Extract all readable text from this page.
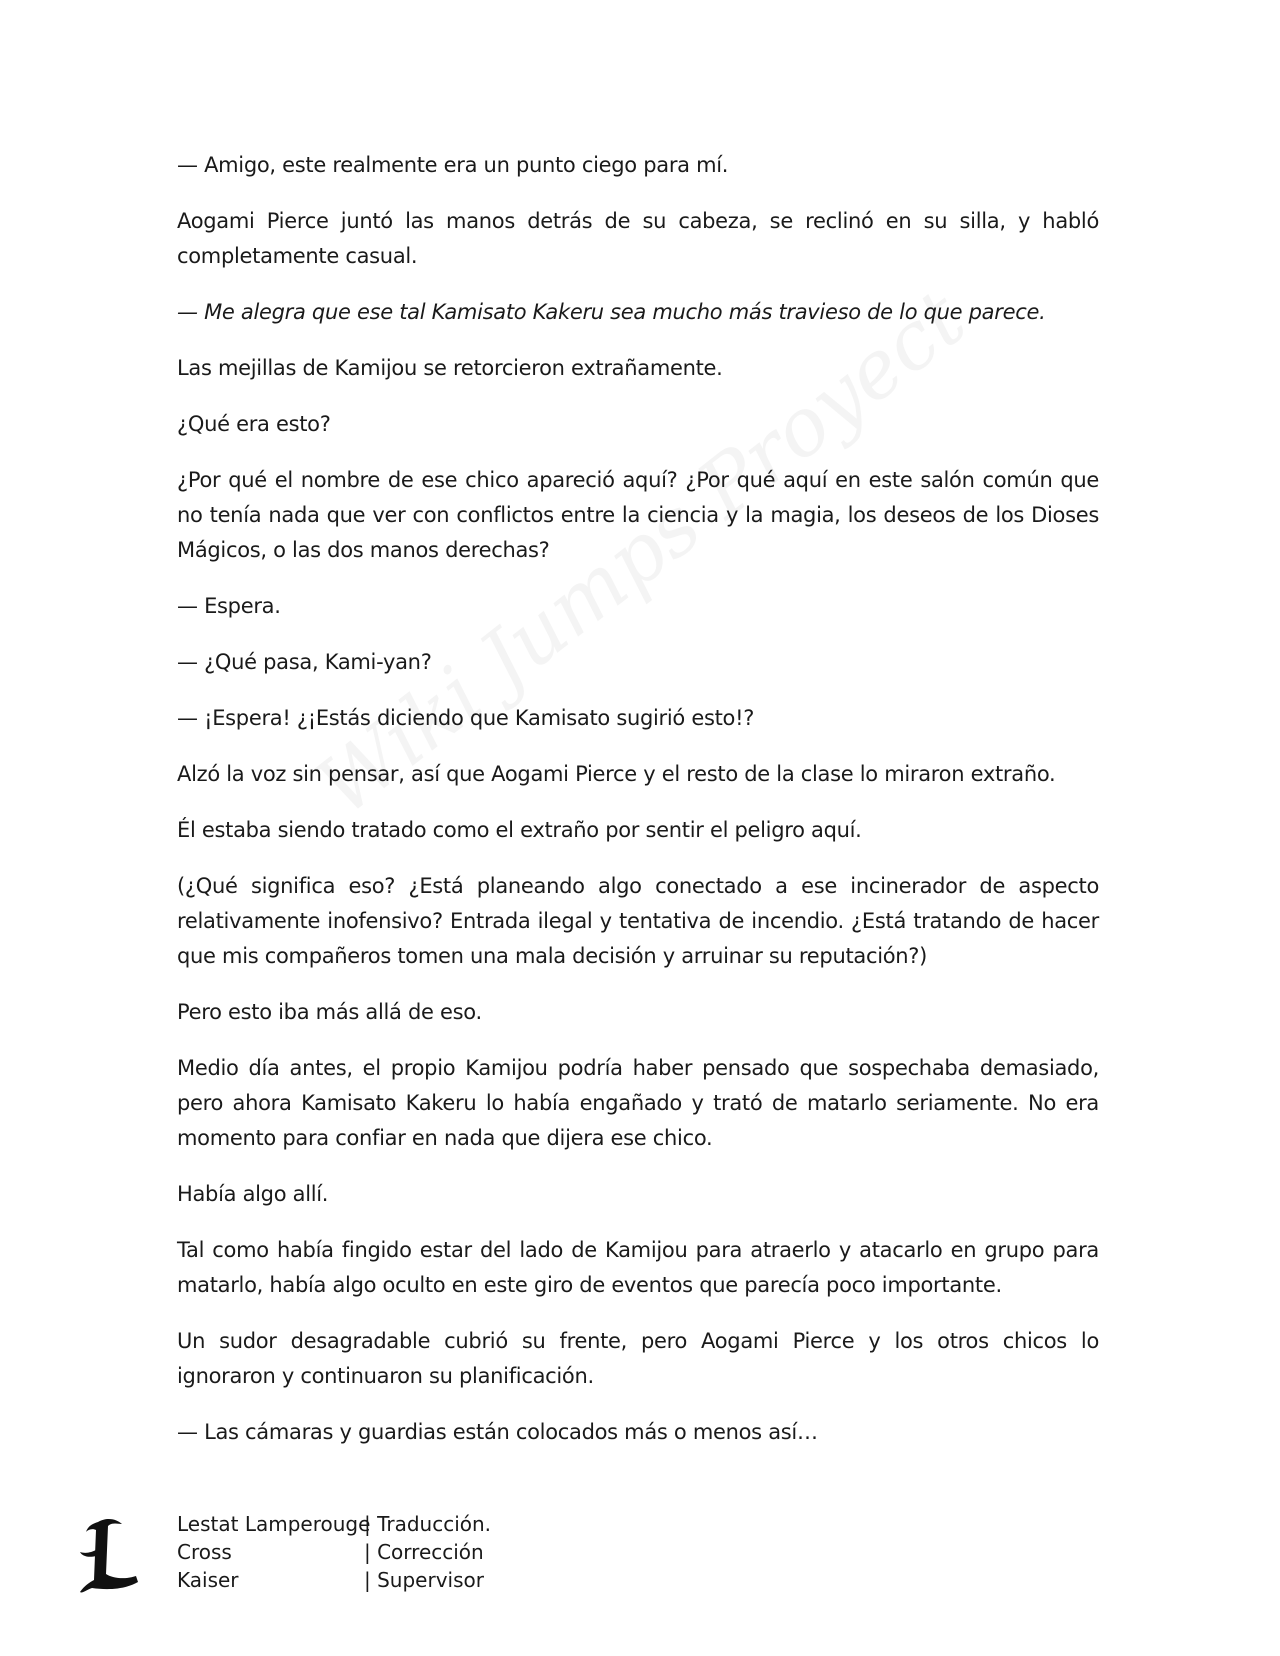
— Amigo, este realmente era un punto ciego para mí.

Aogami Pierce juntó las manos detrás de su cabeza, se reclinó en su silla, y habló completamente casual.

— Me alegra que ese tal Kamisato Kakeru sea mucho más travieso de lo que parece.

Las mejillas de Kamijou se retorcieron extrañamente.

¿Qué era esto?

¿Por qué el nombre de ese chico apareció aquí? ¿Por qué aquí en este salón común que no tenía nada que ver con conflictos entre la ciencia y la magia, los deseos de los Dioses Mágicos, o las dos manos derechas?

— Espera.

— ¿Qué pasa, Kami-yan?

— ¡Espera! ¿¡Estás diciendo que Kamisato sugirió esto!?

Alzó la voz sin pensar, así que Aogami Pierce y el resto de la clase lo miraron extraño.

Él estaba siendo tratado como el extraño por sentir el peligro aquí.

(¿Qué significa eso? ¿Está planeando algo conectado a ese incinerador de aspecto relativamente inofensivo? Entrada ilegal y tentativa de incendio. ¿Está tratando de hacer que mis compañeros tomen una mala decisión y arruinar su reputación?)

Pero esto iba más allá de eso.

Medio día antes, el propio Kamijou podría haber pensado que sospechaba demasiado, pero ahora Kamisato Kakeru lo había engañado y trató de matarlo seriamente. No era momento para confiar en nada que dijera ese chico.

Había algo allí.

Tal como había fingido estar del lado de Kamijou para atraerlo y atacarlo en grupo para matarlo, había algo oculto en este giro de eventos que parecía poco importante.

Un sudor desagradable cubrió su frente, pero Aogami Pierce y los otros chicos lo ignoraron y continuaron su planificación.

— Las cámaras y guardias están colocados más o menos así…

Lestat Lamperouge
| Traducción.
Cross	| Corrección
Kaiser	| Supervisor
